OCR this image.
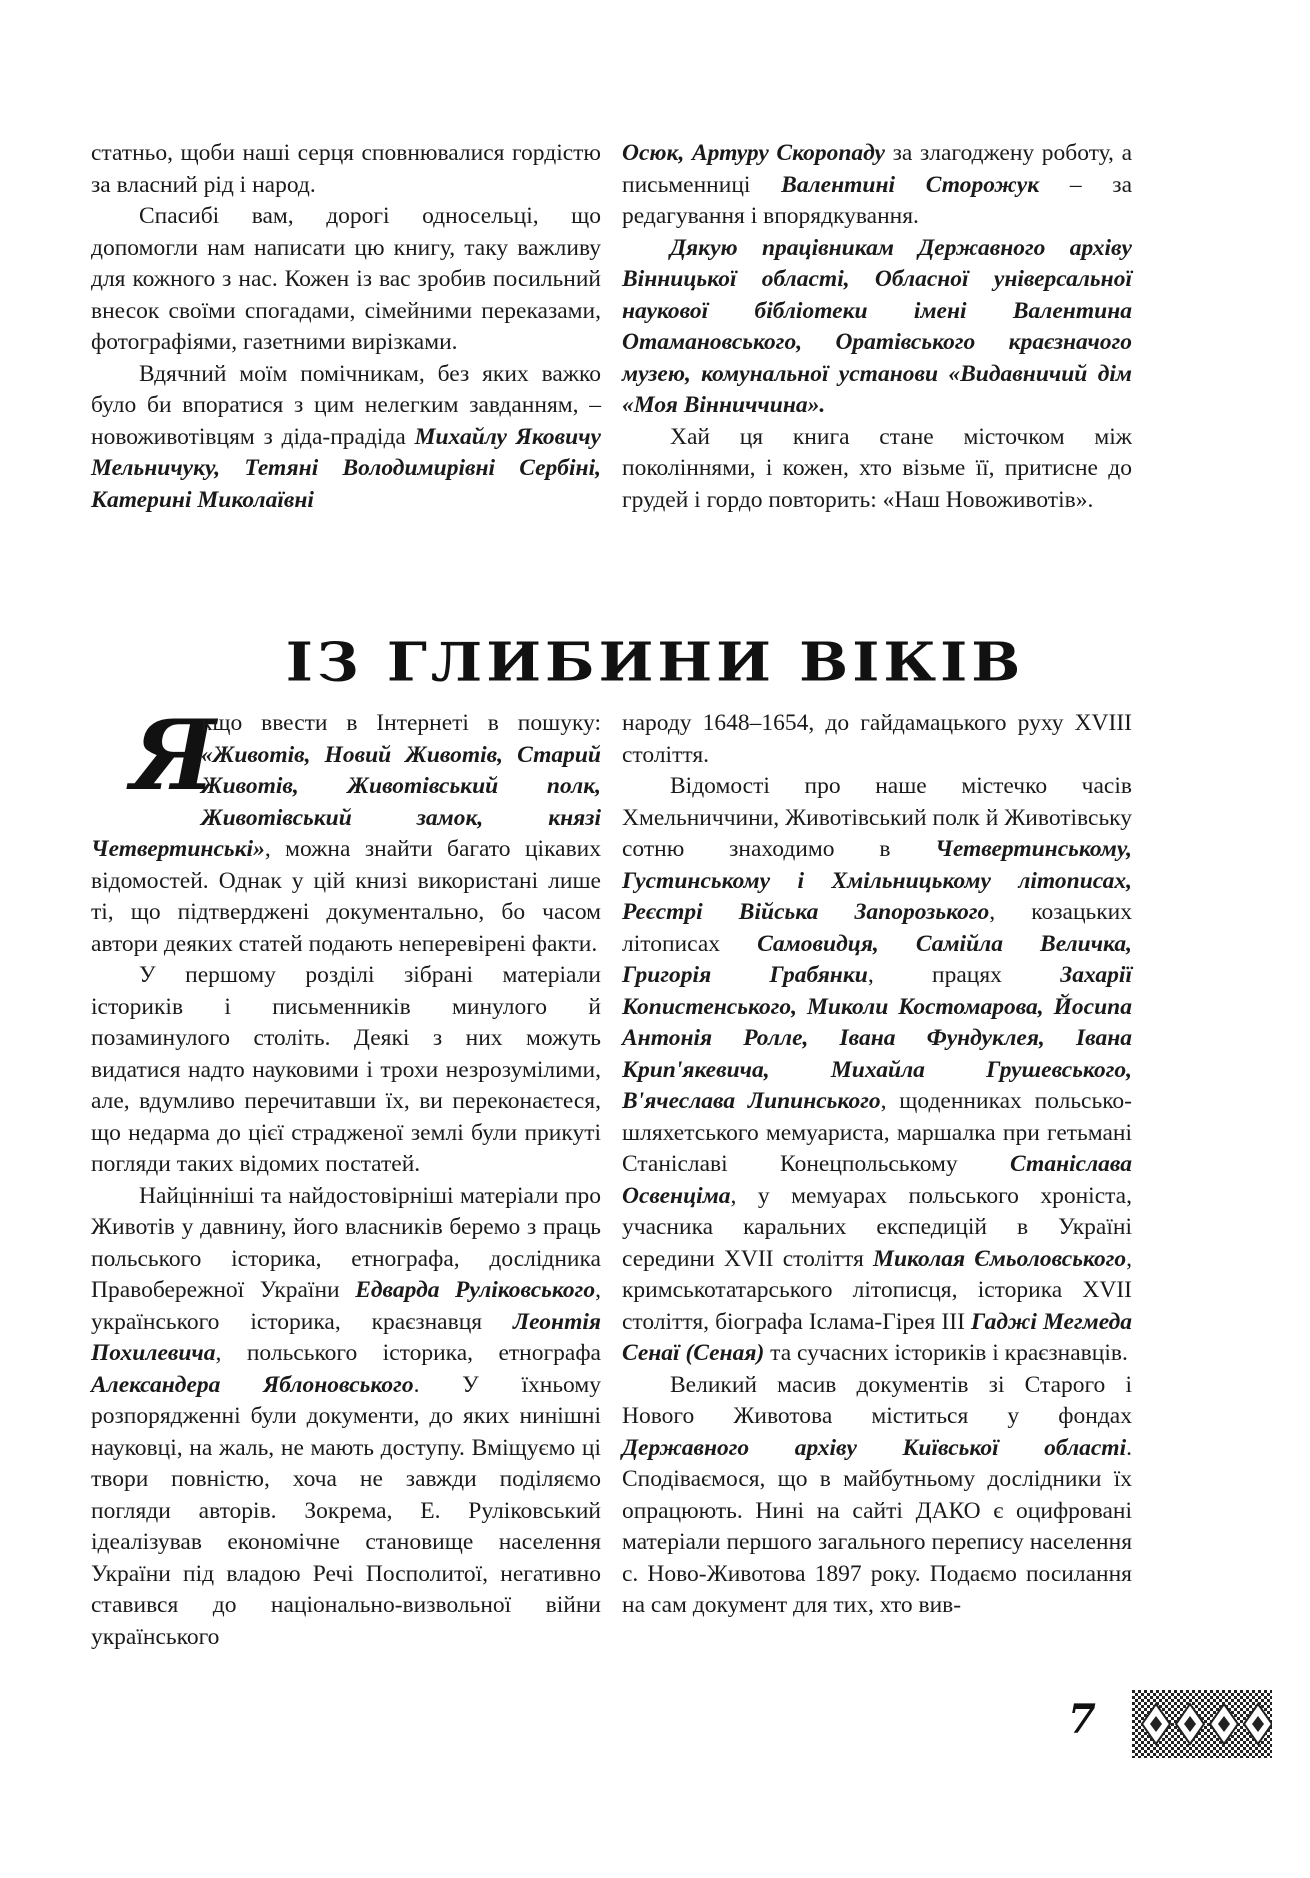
статньо, щоби наші серця сповнювалися гордістю за власний рід і народ.

Спасибі вам, дорогі односельці, що допомогли нам написати цю книгу, таку важливу для кожного з нас. Кожен із вас зробив посильний внесок своїми спогадами, сімейними переказами, фотографіями, газетними вирізками.

Вдячний моїм помічникам, без яких важко було би впоратися з цим нелегким завданням, – новоживотівцям з діда-прадіда Михайлу Яковичу Мельничуку, Тетяні Володимирівні Сербіні, Катерині Миколаївні

Осюк, Артуру Скоропаду за злагоджену роботу, а письменниці Валентині Сторожук – за редагування і впорядкування.

Дякую працівникам Державного архіву Вінницької області, Обласної універсальної наукової бібліотеки імені Валентина Отамановського, Оратівського краєзначого музею, комунальної установи «Видавничий дім «Моя Вінниччина».

Хай ця книга стане місточком між поколіннями, і кожен, хто візьме її, притисне до грудей і гордо повторить: «Наш Новоживотів».

ІЗ ГЛИБИНИ ВІКІВ

Я
кщо ввести в Інтернеті в пошуку: «Животів, Новий Животів, Старий Животів, Животівський полк, Животівський замок, князі Четвертинські», можна знайти багато цікавих відомостей. Однак у цій книзі використані лише ті, що підтверджені документально, бо часом автори деяких статей подають неперевірені факти.

У першому розділі зібрані матеріали істориків і письменників минулого й позаминулого століть. Деякі з них можуть видатися надто науковими і трохи незрозумілими, але, вдумливо перечитавши їх, ви переконаєтеся, що недарма до цієї страдженої землі були прикуті погляди таких відомих постатей.

Найцінніші та найдостовірніші матеріали про Животів у давнину, його власників беремо з праць польського історика, етнографа, дослідника Правобережної України Едварда Руліковського, українського історика, краєзнавця Леонтія Похилевича, польського історика, етнографа Александера Яблоновського. У їхньому розпорядженні були документи, до яких нинішні науковці, на жаль, не мають доступу. Вміщуємо ці твори повністю, хоча не завжди поділяємо погляди авторів. Зокрема, Е. Руліковський ідеалізував економічне становище населення України під владою Речі Посполитої, негативно ставився до національно-визвольної війни українського

народу 1648–1654, до гайдамацького руху XVIII століття.

Відомості про наше містечко часів Хмельниччини, Животівський полк й Животівську сотню знаходимо в Четвертинському, Густинському і Хмільницькому літописах, Реєстрі Війська Запорозького, козацьких літописах Самовидця, Самійла Величка, Григорія Грабянки, працях Захарії Копистенського, Миколи Костомарова, Йосипа Антонія Ролле, Івана Фундуклея, Івана Крип'якевича, Михайла Грушевського, В'ячеслава Липинського, щоденниках польсько-шляхетського мемуариста, маршалка при гетьмані Станіславі Конецпольському Станіслава Освенціма, у мемуарах польського хроніста, учасника каральних експедицій в Україні середини XVII століття Миколая Ємьоловського, кримськотатарського літописця, історика XVII століття, біографа Іслама-Гірея III Гаджі Мегмеда Сенаї (Сеная) та сучасних істориків і краєзнавців.

Великий масив документів зі Старого і Нового Животова міститься у фондах Державного архіву Київської області. Сподіваємося, що в майбутньому дослідники їх опрацюють. Нині на сайті ДАКО є оцифровані матеріали першого загального перепису населення с. Ново-Животова 1897 року. Подаємо посилання на сам документ для тих, хто вив-

7
